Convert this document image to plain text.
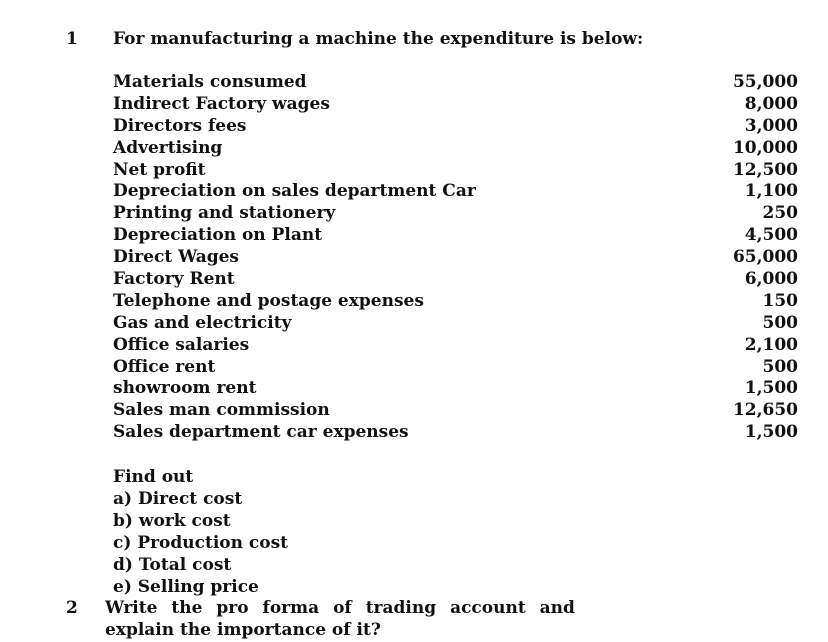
1 For manufacturing a machine the expenditure is below:
Materials consumed	55,000
Indirect Factory wages	8,000
Directors fees	3,000
Advertising	10,000
Net profit	12,500
Depreciation on sales department Car	1,100
Printing and stationery	250
Depreciation on Plant	4,500
Direct Wages	65,000
Factory Rent	6,000
Telephone and postage expenses	150
Gas and electricity	500
Office salaries	2,100
Office rent	500
showroom rent	1,500
Sales man commission	12,650
Sales department car expenses	1,500
Find out
a) Direct cost
b) work cost
c) Production cost
d) Total cost
e) Selling price
2 Write the pro forma of trading account and
explain the importance of it?
